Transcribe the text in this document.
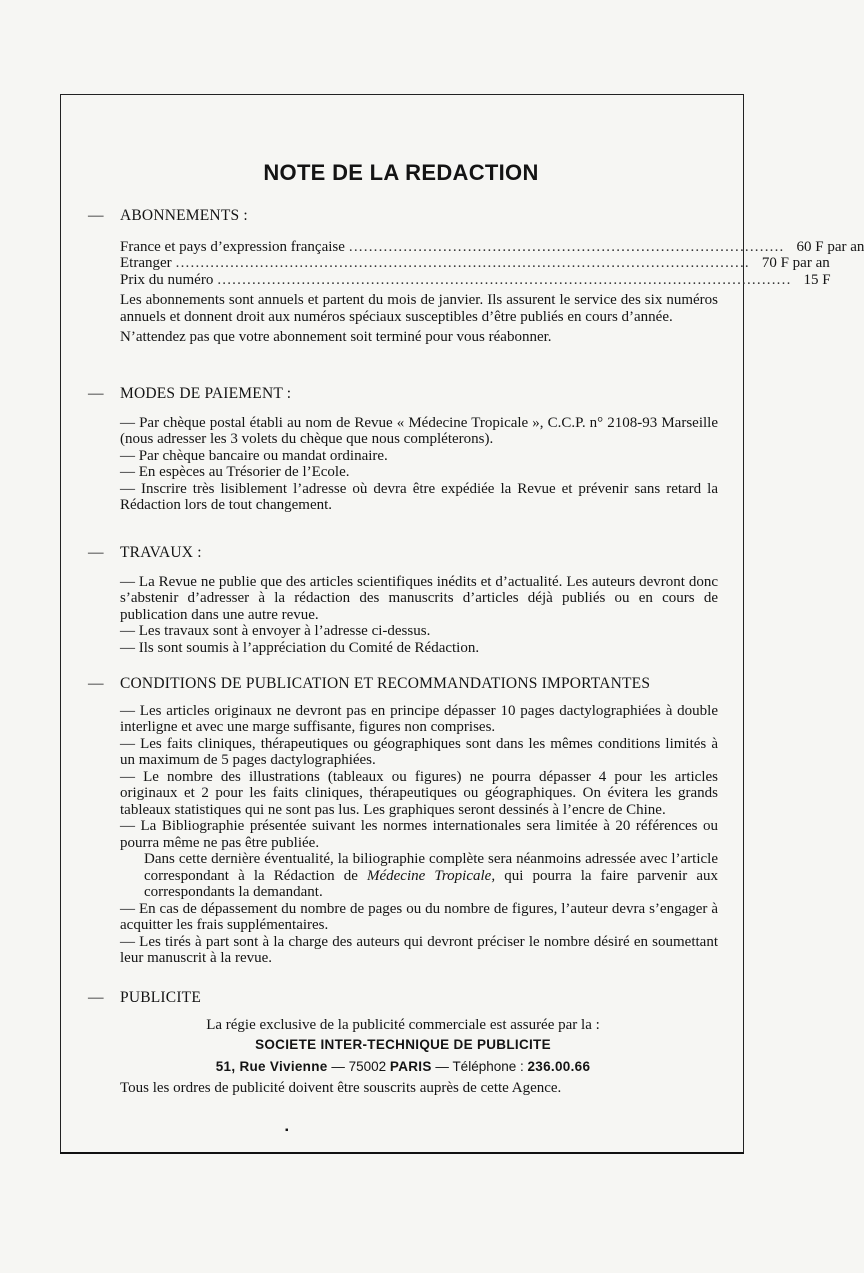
NOTE DE LA REDACTION
— ABONNEMENTS :
France et pays d’expression française ........................................................................................ 60 F par an
Etranger .................................................................................................................... 70 F par an
Prix du numéro .................................................................................................................... 15 F

Les abonnements sont annuels et partent du mois de janvier. Ils assurent le service des six numéros annuels et donnent droit aux numéros spéciaux susceptibles d’être publiés en cours d’année.

N’attendez pas que votre abonnement soit terminé pour vous réabonner.

— MODES DE PAIEMENT :

— Par chèque postal établi au nom de Revue « Médecine Tropicale », C.C.P. n° 2108-93 Marseille (nous adresser les 3 volets du chèque que nous compléterons).

— Par chèque bancaire ou mandat ordinaire.

— En espèces au Trésorier de l’Ecole.

— Inscrire très lisiblement l’adresse où devra être expédiée la Revue et prévenir sans retard la Rédaction lors de tout changement.

— TRAVAUX :

— La Revue ne publie que des articles scientifiques inédits et d’actualité. Les auteurs devront donc s’abstenir d’adresser à la rédaction des manuscrits d’articles déjà publiés ou en cours de publication dans une autre revue.

— Les travaux sont à envoyer à l’adresse ci-dessus.

— Ils sont soumis à l’appréciation du Comité de Rédaction.

— CONDITIONS DE PUBLICATION ET RECOMMANDATIONS IMPORTANTES

— Les articles originaux ne devront pas en principe dépasser 10 pages dactylographiées à double interligne et avec une marge suffisante, figures non comprises.

— Les faits cliniques, thérapeutiques ou géographiques sont dans les mêmes conditions limités à un maximum de 5 pages dactylographiées.

— Le nombre des illustrations (tableaux ou figures) ne pourra dépasser 4 pour les articles originaux et 2 pour les faits cliniques, thérapeutiques ou géographiques. On évitera les grands tableaux statistiques qui ne sont pas lus. Les graphiques seront dessinés à l’encre de Chine.

— La Bibliographie présentée suivant les normes internationales sera limitée à 20 références ou pourra même ne pas être publiée.

Dans cette dernière éventualité, la biliographie complète sera néanmoins adressée avec l’article correspondant à la Rédaction de Médecine Tropicale, qui pourra la faire parvenir aux correspondants la demandant.

— En cas de dépassement du nombre de pages ou du nombre de figures, l’auteur devra s’engager à acquitter les frais supplémentaires.

— Les tirés à part sont à la charge des auteurs qui devront préciser le nombre désiré en soumettant leur manuscrit à la revue.

— PUBLICITE

La régie exclusive de la publicité commerciale est assurée par la :

SOCIETE INTER-TECHNIQUE DE PUBLICITE

51, Rue Vivienne — 75002 PARIS — Téléphone : 236.00.66

Tous les ordres de publicité doivent être souscrits auprès de cette Agence.

▪
